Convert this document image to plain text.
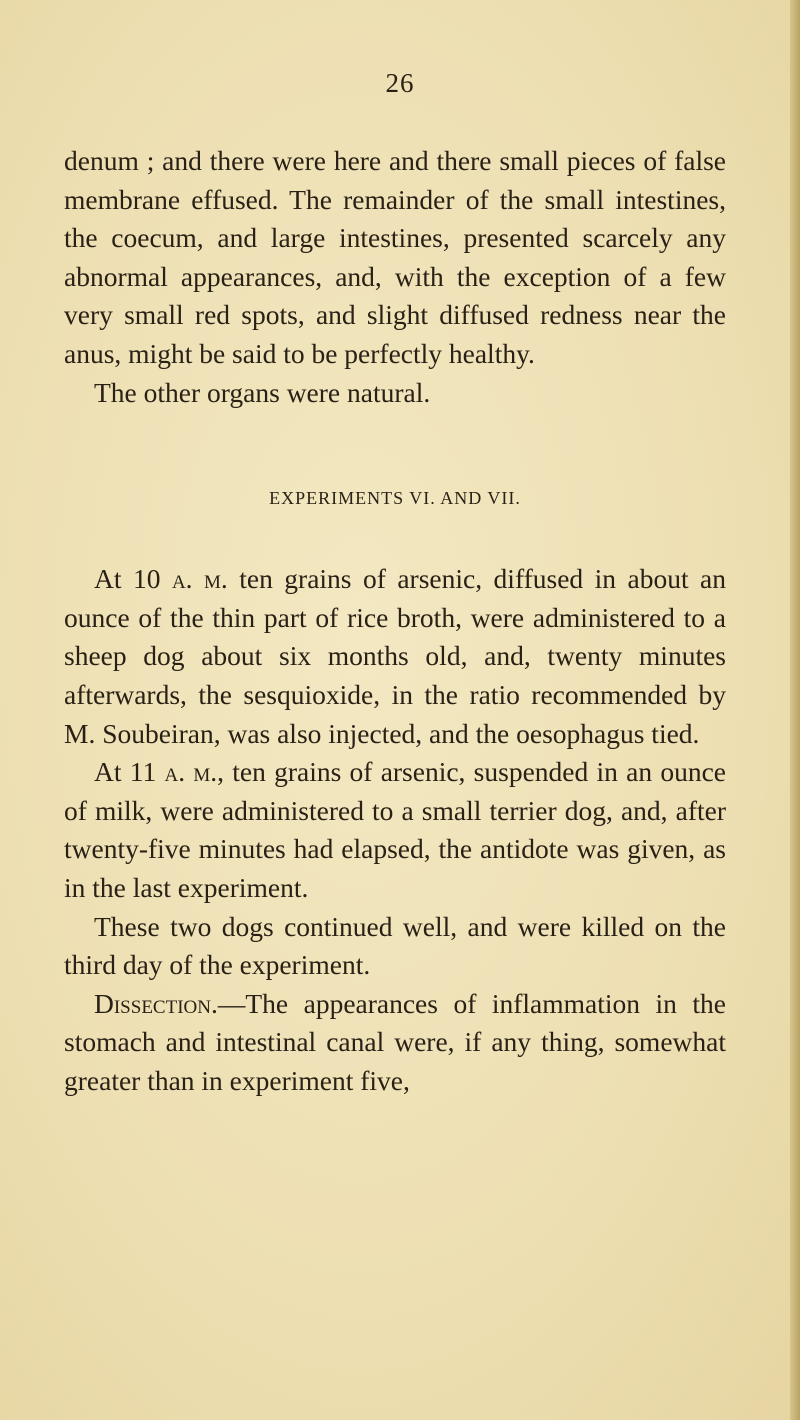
26

denum ; and there were here and there small pieces of false membrane effused. The remainder of the small intestines, the coecum, and large intestines, presented scarcely any abnormal appearances, and, with the exception of a few very small red spots, and slight diffused redness near the anus, might be said to be perfectly healthy.

The other organs were natural.

EXPERIMENTS VI. AND VII.

At 10 a. m. ten grains of arsenic, diffused in about an ounce of the thin part of rice broth, were administered to a sheep dog about six months old, and, twenty minutes afterwards, the sesquioxide, in the ratio recommended by M. Soubeiran, was also injected, and the oesophagus tied.

At 11 a. m., ten grains of arsenic, suspended in an ounce of milk, were administered to a small terrier dog, and, after twenty-five minutes had elapsed, the antidote was given, as in the last experiment.

These two dogs continued well, and were killed on the third day of the experiment.

Dissection.—The appearances of inflammation in the stomach and intestinal canal were, if any thing, somewhat greater than in experiment five,
